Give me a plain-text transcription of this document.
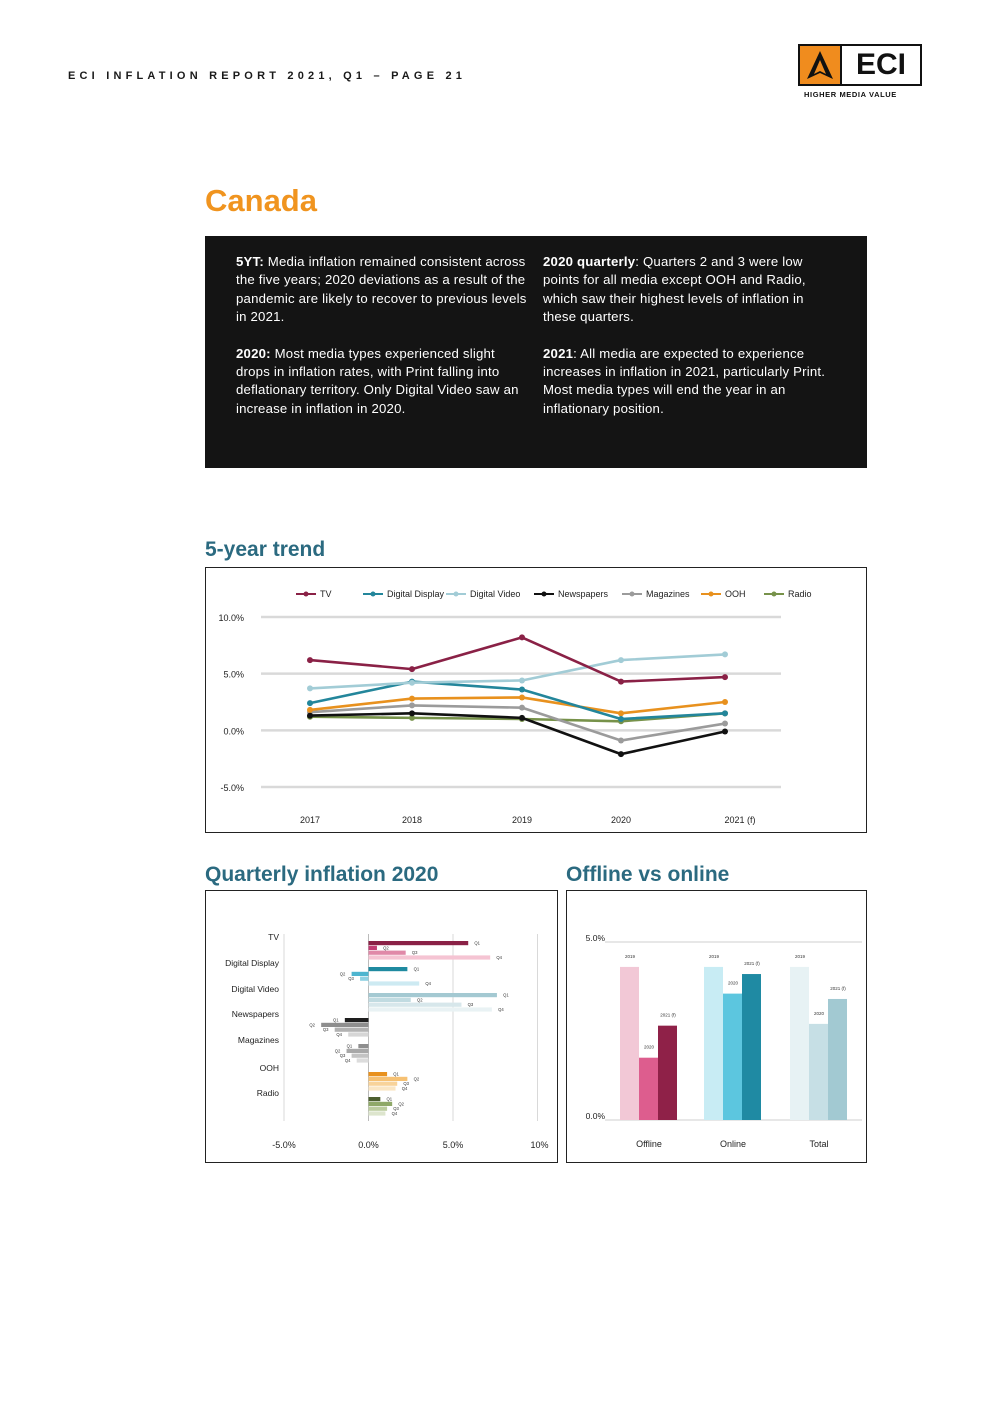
ECI INFLATION REPORT 2021, Q1 – PAGE 21	ECI
HIGHER MEDIA VALUE
Canada

5YT: Media inflation remained consistent across the five years; 2020 deviations as a result of the pandemic are likely to recover to previous levels in 2021.

2020: Most media types experienced slight drops in inflation rates, with Print falling into deflationary territory. Only Digital Video saw an increase in inflation in 2020.

2020 quarterly: Quarters 2 and 3 were low points for all media except OOH and Radio, which saw their highest levels of inflation in these quarters.

2021: All media are expected to experience increases in inflation in 2021, particularly Print. Most media types will end the year in an inflationary position.

5-year trend
10.0%
5.0%
0.0%
-5.0%
2017	2018	2019	2020	2021 (f)
TV	Digital Display	Digital Video	Newspapers	Magazines	OOH	Radio
Quarterly inflation 2020
-5.0%	0.0%	5.0%	10%
TV
Q1
Q2
Q3
Q4
Digital Display
Q1
Q2
Q3
Q4
Digital Video
Q1
Q2
Q3
Q4
Newspapers
Q1
Q2
Q3
Q4
Magazines
Q1
Q2
Q3
Q4
OOH
Q1
Q2
Q3
Q4
Radio
Q1
Q2
Q3
Q4
Offline vs online
5.0%
0.0%
2019
2020
2021 (f)
Offline
2019
2020
2021 (f)
Online
2019
2020
2021 (f)
Total
